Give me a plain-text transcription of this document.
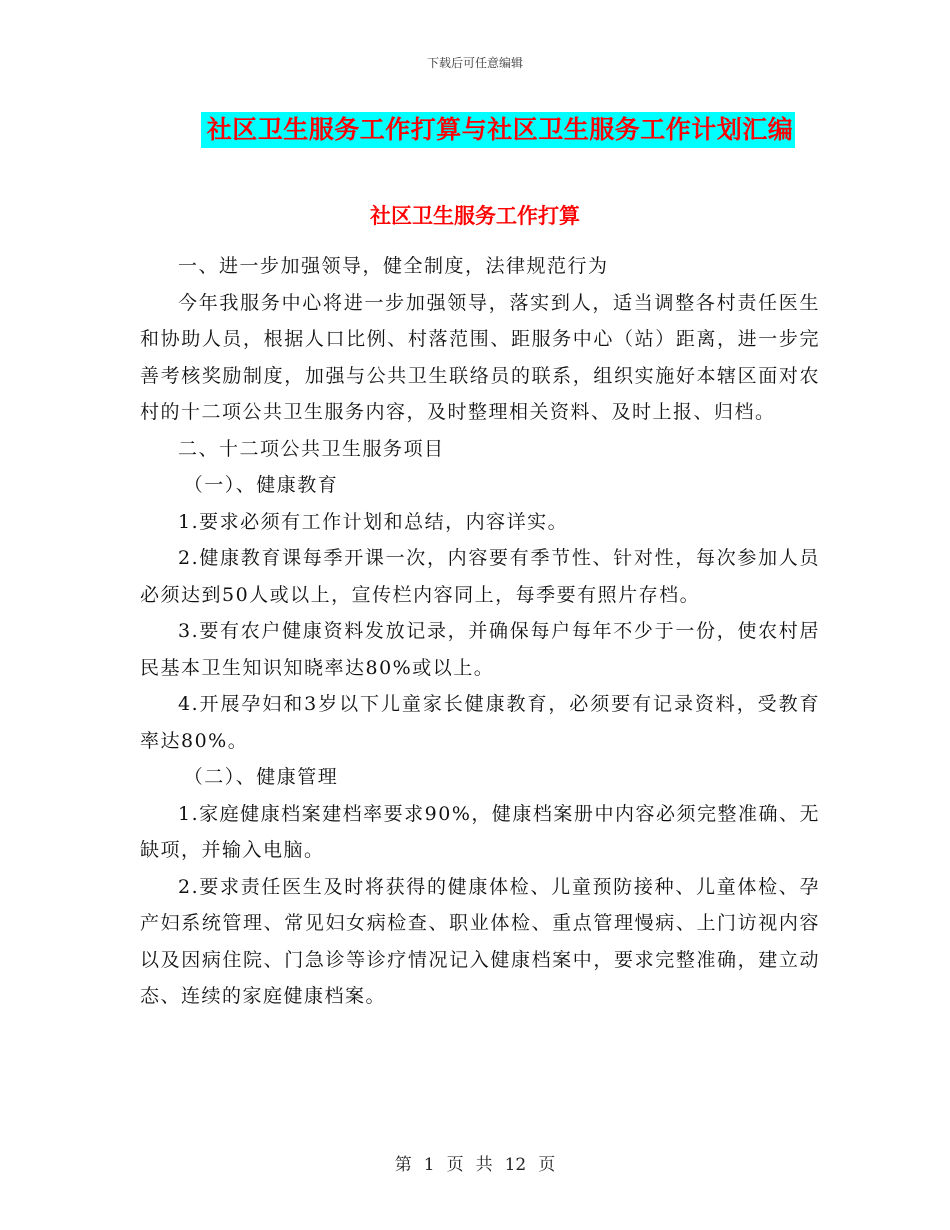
下载后可任意编辑
社区卫生服务工作打算与社区卫生服务工作计划汇编
社区卫生服务工作打算

一、进一步加强领导，健全制度，法律规范行为

今年我服务中心将进一步加强领导，落实到人，适当调整各村责任医生和协助人员，根据人口比例、村落范围、距服务中心（站）距离，进一步完善考核奖励制度，加强与公共卫生联络员的联系，组织实施好本辖区面对农村的十二项公共卫生服务内容，及时整理相关资料、及时上报、归档。

二、十二项公共卫生服务项目

（一）、健康教育

1.要求必须有工作计划和总结，内容详实。

2.健康教育课每季开课一次，内容要有季节性、针对性，每次参加人员必须达到50人或以上，宣传栏内容同上，每季要有照片存档。

3.要有农户健康资料发放记录，并确保每户每年不少于一份，使农村居民基本卫生知识知晓率达80%或以上。

4.开展孕妇和3岁以下儿童家长健康教育，必须要有记录资料，受教育率达80%。

（二）、健康管理

1.家庭健康档案建档率要求90%，健康档案册中内容必须完整准确、无缺项，并输入电脑。

2.要求责任医生及时将获得的健康体检、儿童预防接种、儿童体检、孕产妇系统管理、常见妇女病检查、职业体检、重点管理慢病、上门访视内容以及因病住院、门急诊等诊疗情况记入健康档案中，要求完整准确，建立动态、连续的家庭健康档案。

第 1 页 共 12 页
